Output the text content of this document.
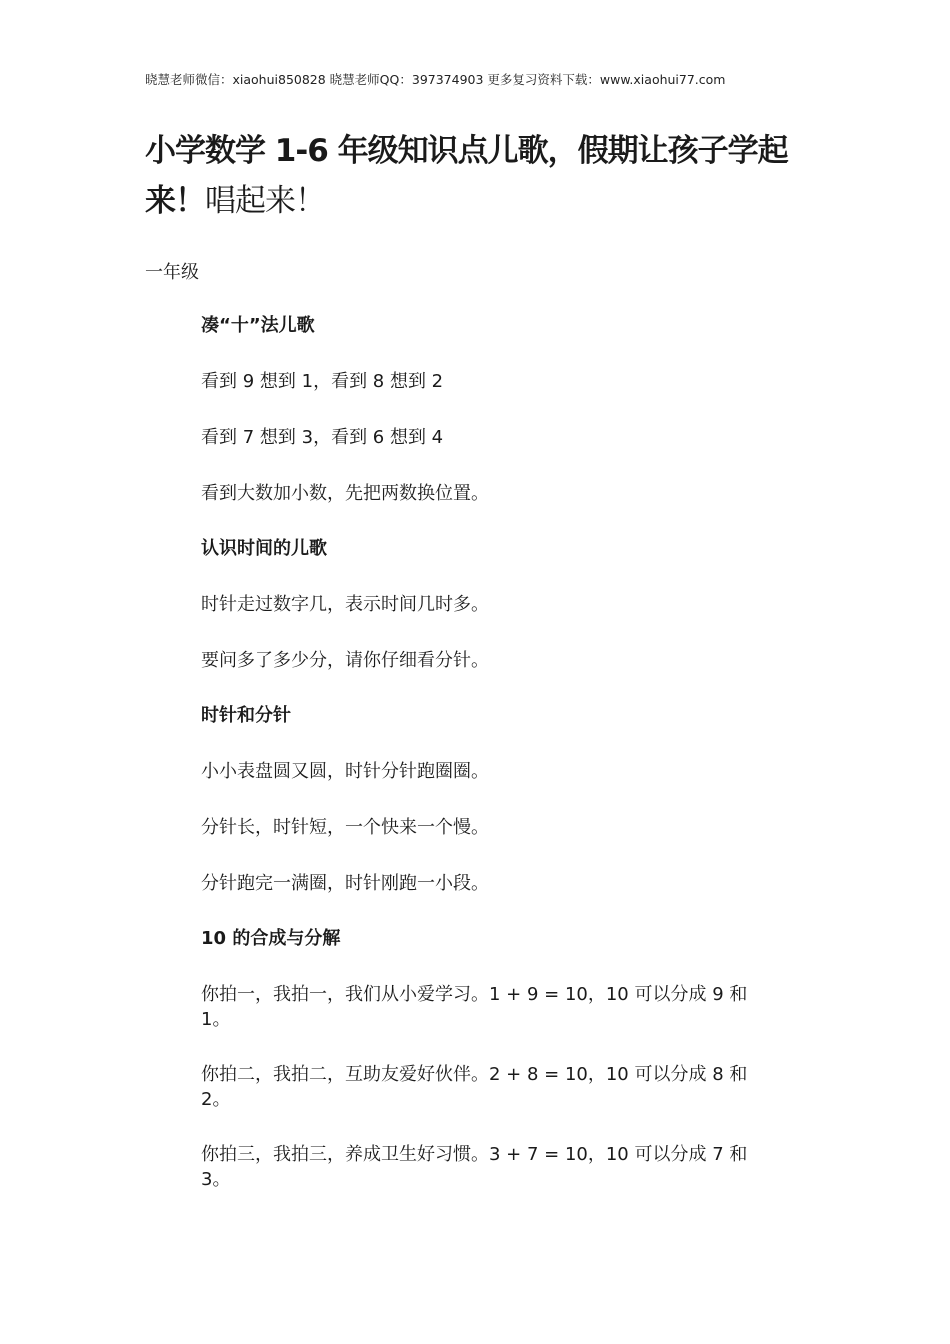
晓慧老师微信：xiaohui850828 晓慧老师QQ：397374903 更多复习资料下载：www.xiaohui77.com
小学数学 1-6 年级知识点儿歌，假期让孩子学起来！唱起来！
一年级
凑“十”法儿歌
看到 9 想到 1，看到 8 想到 2
看到 7 想到 3，看到 6 想到 4
看到大数加小数，先把两数换位置。
认识时间的儿歌
时针走过数字几，表示时间几时多。
要问多了多少分，请你仔细看分针。
时针和分针
小小表盘圆又圆，时针分针跑圈圈。
分针长，时针短，一个快来一个慢。
分针跑完一满圈，时针刚跑一小段。
10 的合成与分解
你拍一，我拍一，我们从小爱学习。1 + 9 = 10，10 可以分成 9 和 1。
你拍二，我拍二，互助友爱好伙伴。2 + 8 = 10，10 可以分成 8 和 2。
你拍三，我拍三，养成卫生好习惯。3 + 7 = 10，10 可以分成 7 和 3。
